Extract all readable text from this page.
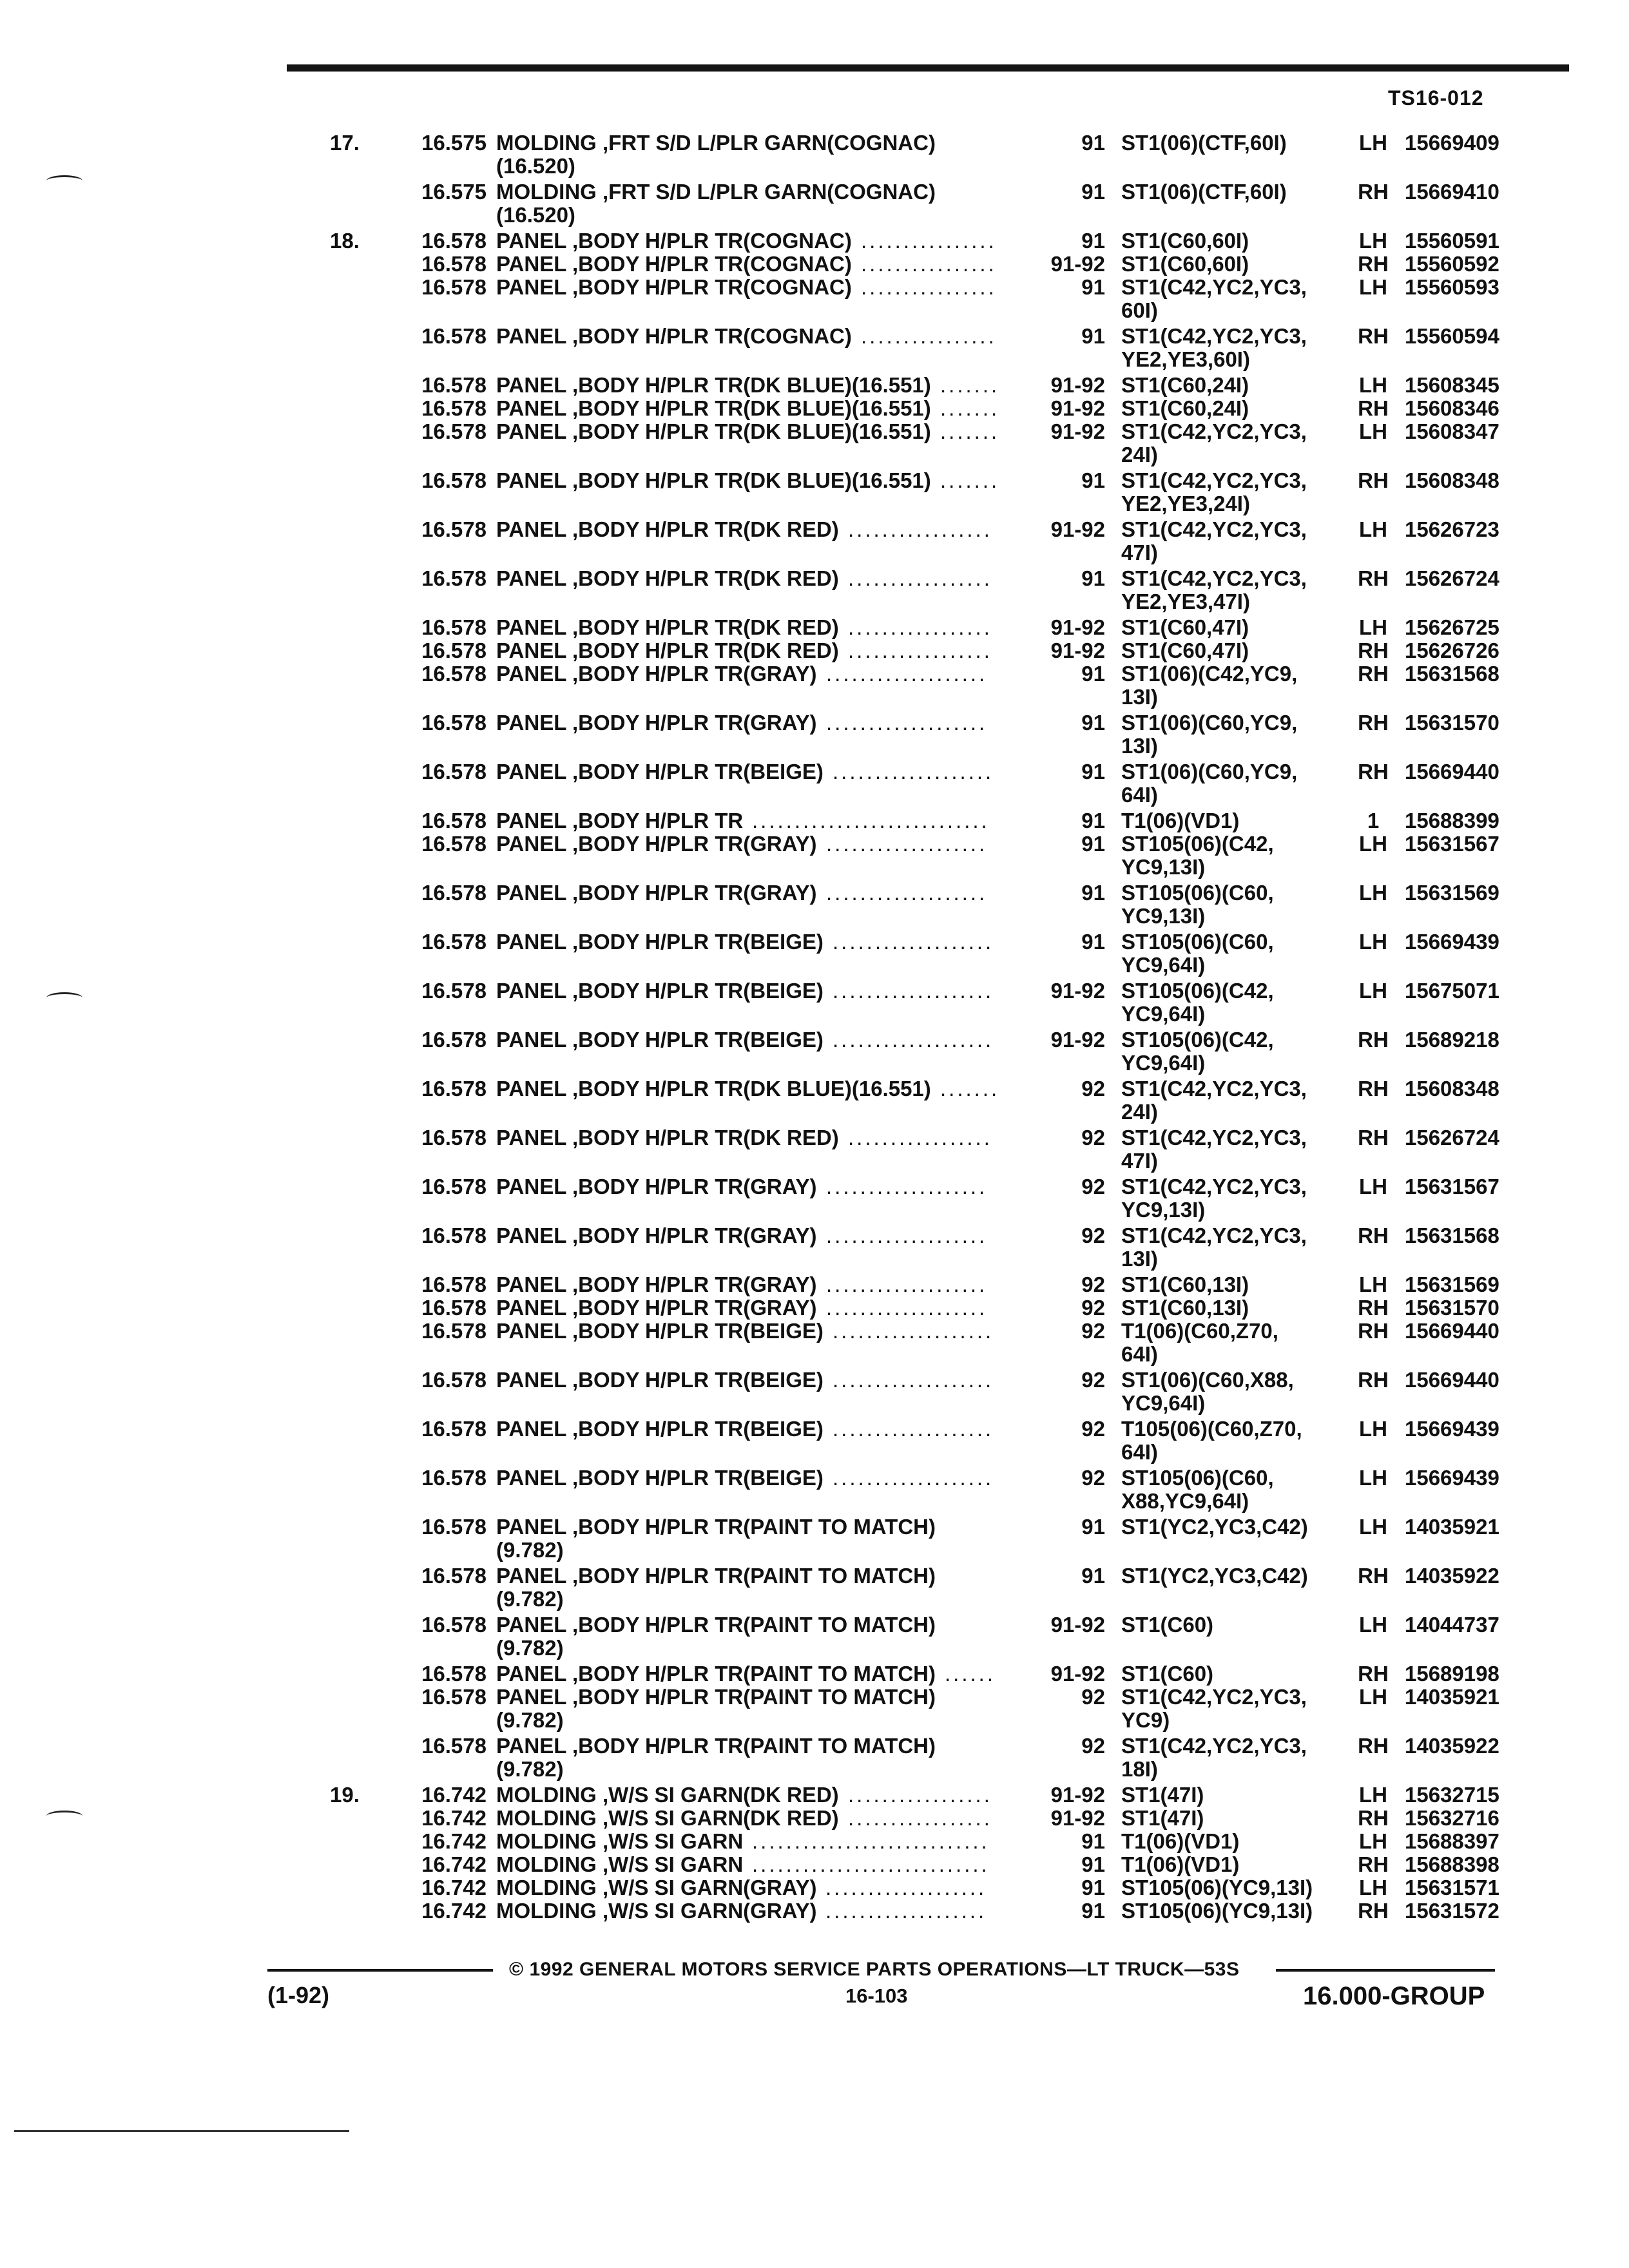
TS16-012
17.	16.575 MOLDING ,FRT S/D L/PLR GARN(COGNAC)	91 ST1(06)(CTF,60I)	LH 15669409
(16.520)
16.575 MOLDING ,FRT S/D L/PLR GARN(COGNAC)	91 ST1(06)(CTF,60I)	RH 15669410
(16.520)
18.	16.578 PANEL ,BODY H/PLR TR(COGNAC)	91 ST1(C60,60I)	LH 15560591
................
16.578 PANEL ,BODY H/PLR TR(COGNAC)	91-92 ST1(C60,60I)	RH 15560592
................
16.578 PANEL ,BODY H/PLR TR(COGNAC)	91 ST1(C42,YC2,YC3,	LH 15560593
................
60I)
16.578 PANEL ,BODY H/PLR TR(COGNAC)	91 ST1(C42,YC2,YC3, RH 15560594
................
YE2,YE3,60I)
16.578 PANEL ,BODY H/PLR TR(DK BLUE)(16.551)	91-92 ST1(C60,24I)	LH 15608345
.......
16.578 PANEL ,BODY H/PLR TR(DK BLUE)(16.551)	91-92 ST1(C60,24I)	RH 15608346
.......
16.578 PANEL ,BODY H/PLR TR(DK BLUE)(16.551)	91-92 ST1(C42,YC2,YC3,	LH 15608347
.......
24I)
16.578 PANEL ,BODY H/PLR TR(DK BLUE)(16.551)	91 ST1(C42,YC2,YC3, RH 15608348
.......
YE2,YE3,24I)
16.578 PANEL ,BODY H/PLR TR(DK RED)	91-92 ST1(C42,YC2,YC3,	LH 15626723
.................
47I)
16.578 PANEL ,BODY H/PLR TR(DK RED)	91 ST1(C42,YC2,YC3, RH 15626724
.................
YE2,YE3,47I)
16.578 PANEL ,BODY H/PLR TR(DK RED)	91-92 ST1(C60,47I)	LH 15626725
.................
16.578 PANEL ,BODY H/PLR TR(DK RED)	91-92 ST1(C60,47I)	RH 15626726
.................
16.578 PANEL ,BODY H/PLR TR(GRAY)	91 ST1(06)(C42,YC9,	RH 15631568
...................
13I)
16.578 PANEL ,BODY H/PLR TR(GRAY)	91 ST1(06)(C60,YC9,	RH 15631570
...................
13I)
16.578 PANEL ,BODY H/PLR TR(BEIGE)	91 ST1(06)(C60,YC9,	RH 15669440
...................
64I)
16.578 PANEL ,BODY H/PLR TR	91 T1(06)(VD1)	1	15688399
............................
16.578 PANEL ,BODY H/PLR TR(GRAY)	91 ST105(06)(C42,	LH 15631567
...................
YC9,13I)
16.578 PANEL ,BODY H/PLR TR(GRAY)	91 ST105(06)(C60,	LH 15631569
...................
YC9,13I)
16.578 PANEL ,BODY H/PLR TR(BEIGE)	91 ST105(06)(C60,	LH 15669439
...................
YC9,64I)
16.578 PANEL ,BODY H/PLR TR(BEIGE)	91-92 ST105(06)(C42,	LH 15675071
...................
YC9,64I)
16.578 PANEL ,BODY H/PLR TR(BEIGE)	91-92 ST105(06)(C42,	RH 15689218
...................
YC9,64I)
16.578 PANEL ,BODY H/PLR TR(DK BLUE)(16.551)	92 ST1(C42,YC2,YC3, RH 15608348
.......
24I)
16.578 PANEL ,BODY H/PLR TR(DK RED)	92 ST1(C42,YC2,YC3, RH 15626724
.................
47I)
16.578 PANEL ,BODY H/PLR TR(GRAY)	92 ST1(C42,YC2,YC3,	LH 15631567
...................
YC9,13I)
16.578 PANEL ,BODY H/PLR TR(GRAY)	92 ST1(C42,YC2,YC3, RH 15631568
...................
13I)
16.578 PANEL ,BODY H/PLR TR(GRAY)	92 ST1(C60,13I)	LH 15631569
...................
16.578 PANEL ,BODY H/PLR TR(GRAY)	92 ST1(C60,13I)	RH 15631570
...................
16.578 PANEL ,BODY H/PLR TR(BEIGE)	92 T1(06)(C60,Z70,	RH 15669440
...................
64I)
16.578 PANEL ,BODY H/PLR TR(BEIGE)	92 ST1(06)(C60,X88,	RH 15669440
...................
YC9,64I)
16.578 PANEL ,BODY H/PLR TR(BEIGE)	92 T105(06)(C60,Z70,	LH 15669439
...................
64I)
16.578 PANEL ,BODY H/PLR TR(BEIGE)	92 ST105(06)(C60,	LH 15669439
...................
X88,YC9,64I)
16.578 PANEL ,BODY H/PLR TR(PAINT TO MATCH)	91 ST1(YC2,YC3,C42)	LH 14035921
(9.782)
16.578 PANEL ,BODY H/PLR TR(PAINT TO MATCH)	91 ST1(YC2,YC3,C42) RH 14035922
(9.782)
16.578 PANEL ,BODY H/PLR TR(PAINT TO MATCH)	91-92 ST1(C60)	LH 14044737
(9.782)
16.578 PANEL ,BODY H/PLR TR(PAINT TO MATCH)	91-92 ST1(C60)	RH 15689198
......
16.578 PANEL ,BODY H/PLR TR(PAINT TO MATCH)	92 ST1(C42,YC2,YC3,	LH 14035921
(9.782)	YC9)
16.578 PANEL ,BODY H/PLR TR(PAINT TO MATCH)	92 ST1(C42,YC2,YC3, RH 14035922
(9.782)	18I)
19.	16.742 MOLDING ,W/S SI GARN(DK RED)	91-92 ST1(47I)	LH 15632715
.................
16.742 MOLDING ,W/S SI GARN(DK RED)	91-92 ST1(47I)	RH 15632716
.................
16.742 MOLDING ,W/S SI GARN	91 T1(06)(VD1)	LH 15688397
............................
16.742 MOLDING ,W/S SI GARN	91 T1(06)(VD1)	RH 15688398
............................
16.742 MOLDING ,W/S SI GARN(GRAY)	91 ST105(06)(YC9,13I)	LH 15631571
...................
16.742 MOLDING ,W/S SI GARN(GRAY)	91 ST105(06)(YC9,13I) RH 15631572
...................
(1-92)
© 1992 GENERAL MOTORS SERVICE PARTS OPERATIONS—LT TRUCK—53S
16-103	16.000-GROUP
